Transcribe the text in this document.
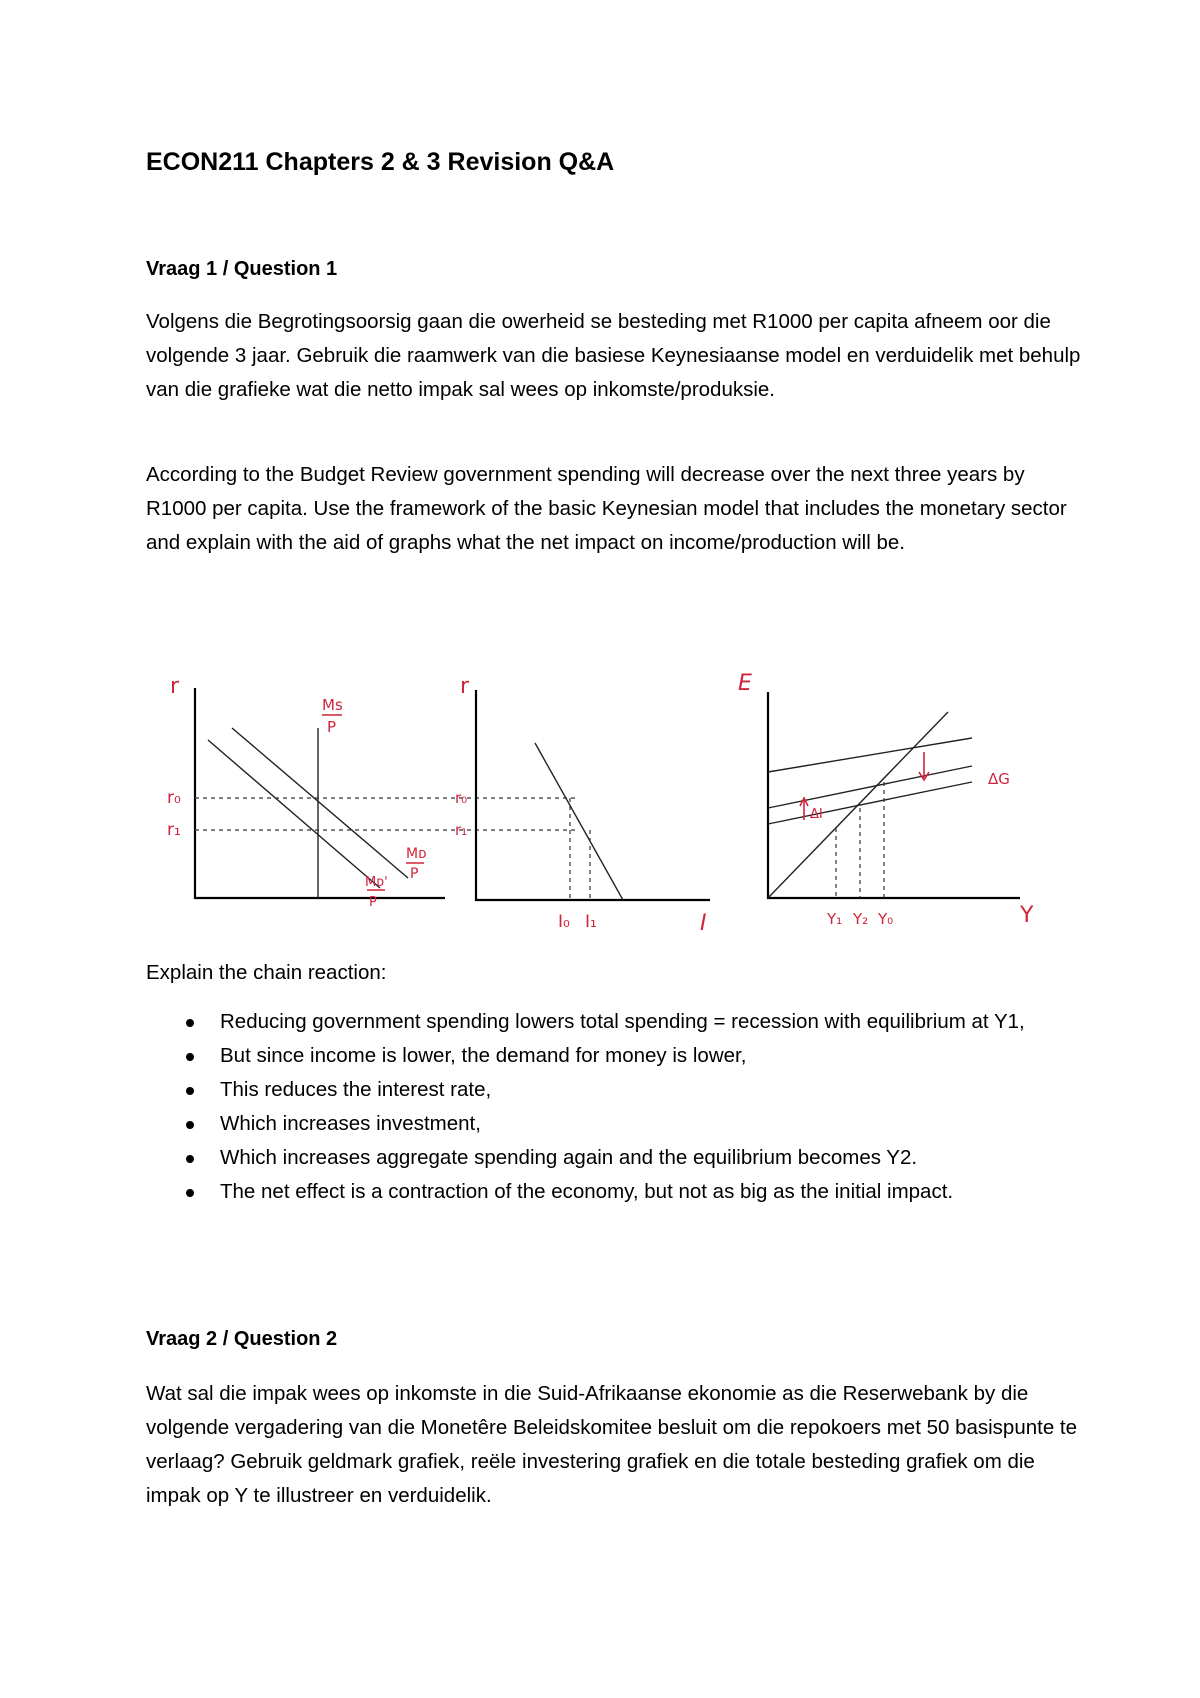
ECON211 Chapters 2 & 3 Revision Q&A
Vraag 1 / Question 1

Volgens die Begrotingsoorsig gaan die owerheid se besteding met R1000 per capita afneem oor die volgende 3 jaar. Gebruik die raamwerk van die basiese Keynesiaanse model en verduidelik met behulp van die grafieke wat die netto impak sal wees op inkomste/produksie.

According to the Budget Review government spending will decrease over the next three years by R1000 per capita. Use the framework of the basic Keynesian model that includes the monetary sector and explain with the aid of graphs what the net impact on income/production will be.

r
Ms
P
r₀
r₁
Mᴅ
P
Mᴅ'
P
r
r₀
r₁
I₀ I₁	I
E
ΔG
ΔI
Y₁ Y₂ Y₀	Y

Explain the chain reaction:

Reducing government spending lowers total spending = recession with equilibrium at Y1,
But since income is lower, the demand for money is lower,
This reduces the interest rate,
Which increases investment,
Which increases aggregate spending again and the equilibrium becomes Y2.
The net effect is a contraction of the economy, but not as big as the initial impact.
Vraag 2 / Question 2

Wat sal die impak wees op inkomste in die Suid-Afrikaanse ekonomie as die Reserwebank by die volgende vergadering van die Monetêre Beleidskomitee besluit om die repokoers met 50 basispunte te verlaag? Gebruik geldmark grafiek, reële investering grafiek en die totale besteding grafiek om die impak op Y te illustreer en verduidelik.
